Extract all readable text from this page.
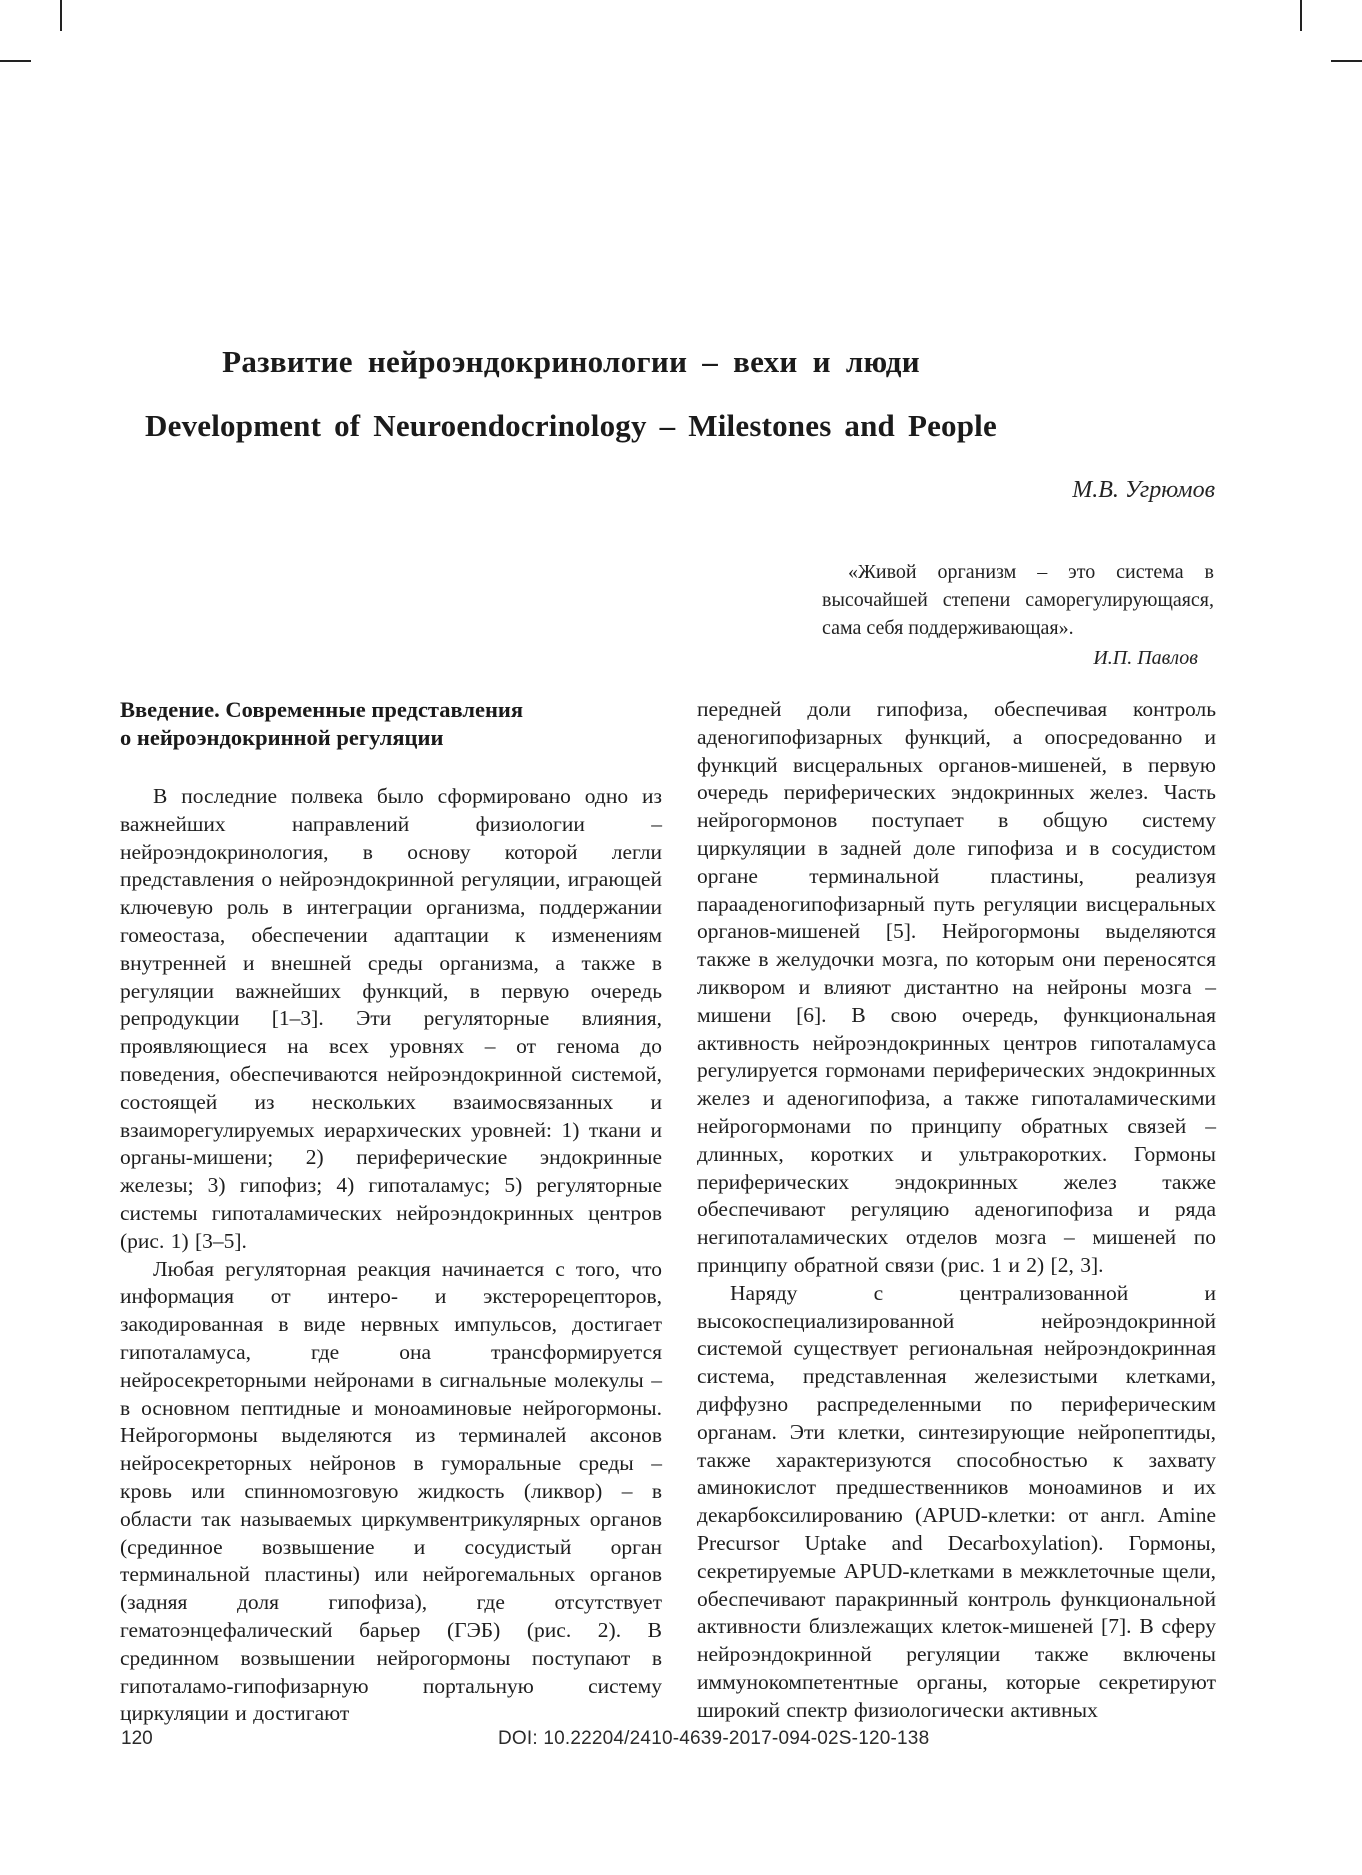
Развитие нейроэндокринологии – вехи и люди
Development of Neuroendocrinology – Milestones and People
М.В. Угрюмов

«Живой организм – это система в высочайшей степени саморегулирующаяся, сама себя поддерживающая».

И.П. Павлов
Введение. Современные представления
о нейроэндокринной регуляции

В последние полвека было сформировано одно из важнейших направлений физиологии – нейроэндокринология, в основу которой легли представления о нейроэндокринной регуляции, играющей ключевую роль в интеграции организма, поддержании гомеостаза, обеспечении адаптации к изменениям внутренней и внешней среды организма, а также в регуляции важнейших функций, в первую очередь репродукции [1–3]. Эти регуляторные влияния, проявляющиеся на всех уровнях – от генома до поведения, обеспечиваются нейроэндокринной системой, состоящей из нескольких взаимосвязанных и взаиморегулируемых иерархических уровней: 1) ткани и органы-мишени; 2) периферические эндокринные железы; 3) гипофиз; 4) гипоталамус; 5) регуляторные системы гипоталамических нейроэндокринных центров (рис. 1) [3–5].

Любая регуляторная реакция начинается с того, что информация от интеро- и экстерорецепторов, закодированная в виде нервных импульсов, достигает гипоталамуса, где она трансформируется нейросекреторными нейронами в сигнальные молекулы – в основном пептидные и моноаминовые нейрогормоны. Нейрогормоны выделяются из терминалей аксонов нейросекреторных нейронов в гуморальные среды – кровь или спинномозговую жидкость (ликвор) – в области так называемых циркумвентрикулярных органов (срединное возвышение и сосудистый орган терминальной пластины) или нейрогемальных органов (задняя доля гипофиза), где отсутствует гематоэнцефалический барьер (ГЭБ) (рис. 2). В срединном возвышении нейрогормоны поступают в гипоталамо-гипофизарную портальную систему циркуляции и достигают

передней доли гипофиза, обеспечивая контроль аденогипофизарных функций, а опосредованно и функций висцеральных органов-мишеней, в первую очередь периферических эндокринных желез. Часть нейрогормонов поступает в общую систему циркуляции в задней доле гипофиза и в сосудистом органе терминальной пластины, реализуя парааденогипофизарный путь регуляции висцеральных органов-мишеней [5]. Нейрогормоны выделяются также в желудочки мозга, по которым они переносятся ликвором и влияют дистантно на нейроны мозга – мишени [6]. В свою очередь, функциональная активность нейроэндокринных центров гипоталамуса регулируется гормонами периферических эндокринных желез и аденогипофиза, а также гипоталамическими нейрогормонами по принципу обратных связей – длинных, коротких и ультракоротких. Гормоны периферических эндокринных желез также обеспечивают регуляцию аденогипофиза и ряда негипоталамических отделов мозга – мишеней по принципу обратной связи (рис. 1 и 2) [2, 3].

Наряду с централизованной и высокоспециализированной нейроэндокринной системой существует региональная нейроэндокринная система, представленная железистыми клетками, диффузно распределенными по периферическим органам. Эти клетки, синтезирующие нейропептиды, также характеризуются способностью к захвату аминокислот предшественников моноаминов и их декарбоксилированию (APUD-клетки: от англ. Amine Precursor Uptake and Decarboxylation). Гормоны, секретируемые APUD-клетками в межклеточные щели, обеспечивают паракринный контроль функциональной активности близлежащих клеток-мишеней [7]. В сферу нейроэндокринной регуляции также включены иммунокомпетентные органы, которые секретируют широкий спектр физиологически активных

120	DOI: 10.22204/2410-4639-2017-094-02S-120-138
